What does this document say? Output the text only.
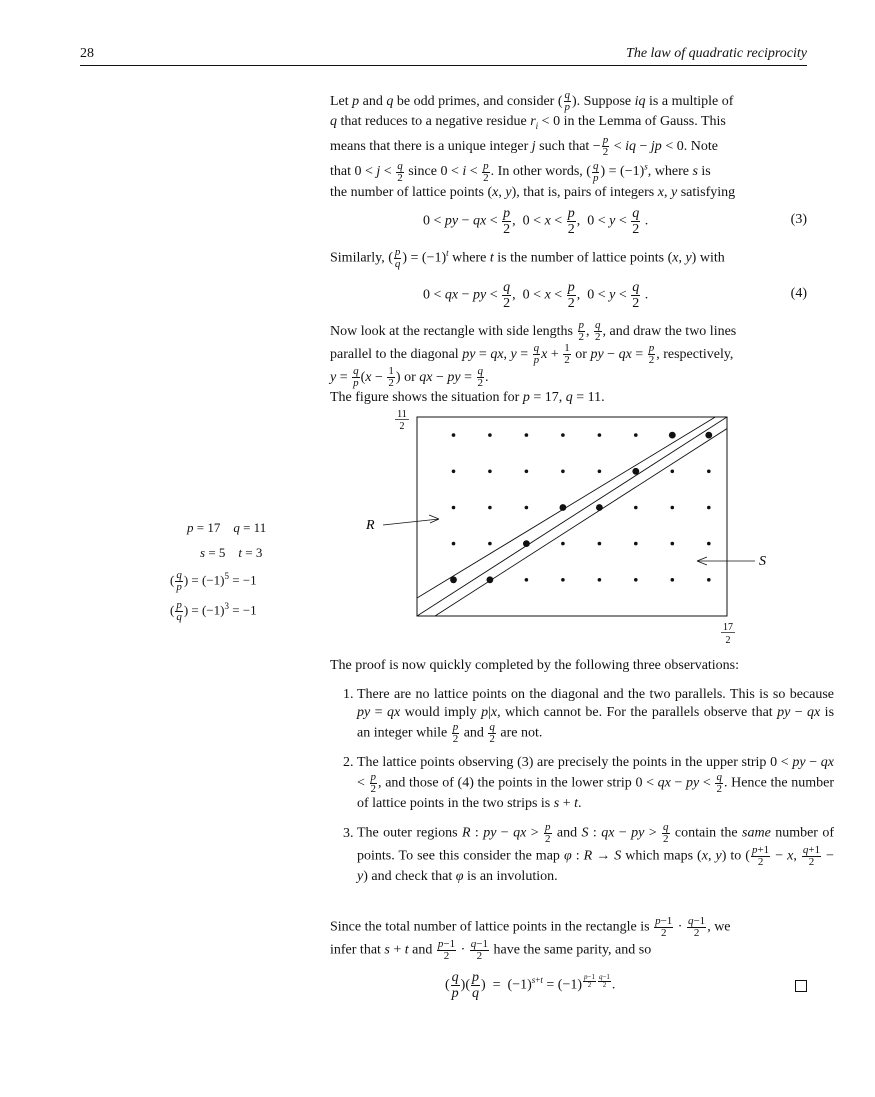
28	The law of quadratic reciprocity

Let p and q be odd primes, and consider ( $\frac{q}{p}$ ). Suppose iq is a multiple of
q that reduces to a negative residue $r_i < 0$ in the Lemma of Gauss. This
means that there is a unique integer j such that − $\frac{p}{2}$ < iq − jp < 0. Note
that $0 < j < \frac{q}{2}$ since $0 < i < \frac{p}{2}$ . In other words, ( $\frac{q}{p}$ ) = $(-1)^s$, where s is
the number of lattice points (x, y), that is, pairs of integers x, y satisfying

0 < py − qx < $\frac{p}{2}$ ,  $0 < x < \frac{p}{2}$ ,  $0 < y < \frac{q}{2}$ .	(3)

Similarly, ( $\frac{p}{q}$ ) = $(-1)^t$ where t is the number of lattice points (x, y) with

0 < qx − py < $\frac{q}{2}$ ,  $0 < x < \frac{p}{2}$ ,  $0 < y < \frac{q}{2}$ .	(4)

Now look at the rectangle with side lengths $\frac{p}{2}$ , $\frac{q}{2}$ , and draw the two lines
parallel to the diagonal py = qx, $y = \frac{q}{p}$ $x + \frac{1}{2}$ or py − qx = $\frac{p}{2}$ , respectively,
$y = \frac{q}{p} (x - \frac{1}{2}$ ) or qx − py = $\frac{q}{2}$ .
The figure shows the situation for p = 17, q = 11.

11
2
R
S
17
2
p = 17    q = 11
s = 5    t = 3
( $\frac{q}{p}$ ) = $(-1)^5 = -1$
( $\frac{p}{q}$ ) = $(-1)^3 = -1$

The proof is now quickly completed by the following three observations:

1. There are no lattice points on the diagonal and the two parallels. This is so because py = qx would imply p|x, which cannot be. For the parallels observe that py − qx is an integer while $\frac{p}{2}$ and $\frac{q}{2}$ are not.
2. The lattice points observing (3) are precisely the points in the upper strip 0 < py − qx < $\frac{p}{2}$ , and those of (4) the points in the lower strip 0 < qx − py < $\frac{q}{2}$ . Hence the number of lattice points in the two strips is s + t.
3. The outer regions R : py − qx > $\frac{p}{2}$ and S : qx − py > $\frac{q}{2}$ contain the same number of points. To see this consider the map φ : R → S which maps (x, y) to ( $\frac{p+1}{2} - x$, $\frac{q+1}{2} - y$) and check that φ is an involution.

Since the total number of lattice points in the rectangle is $\frac{p-1}{2} \cdot \frac{q-1}{2}$ , we
infer that s + t and $\frac{p-1}{2} \cdot \frac{q-1}{2}$ have the same parity, and so

( $\frac{q}{p}$ )( $\frac{p}{q}$ )  =  $(-1)^{s+t} = (-1)$ $^{\frac{p-1}{2} \frac{q-1}{2}}$ .
